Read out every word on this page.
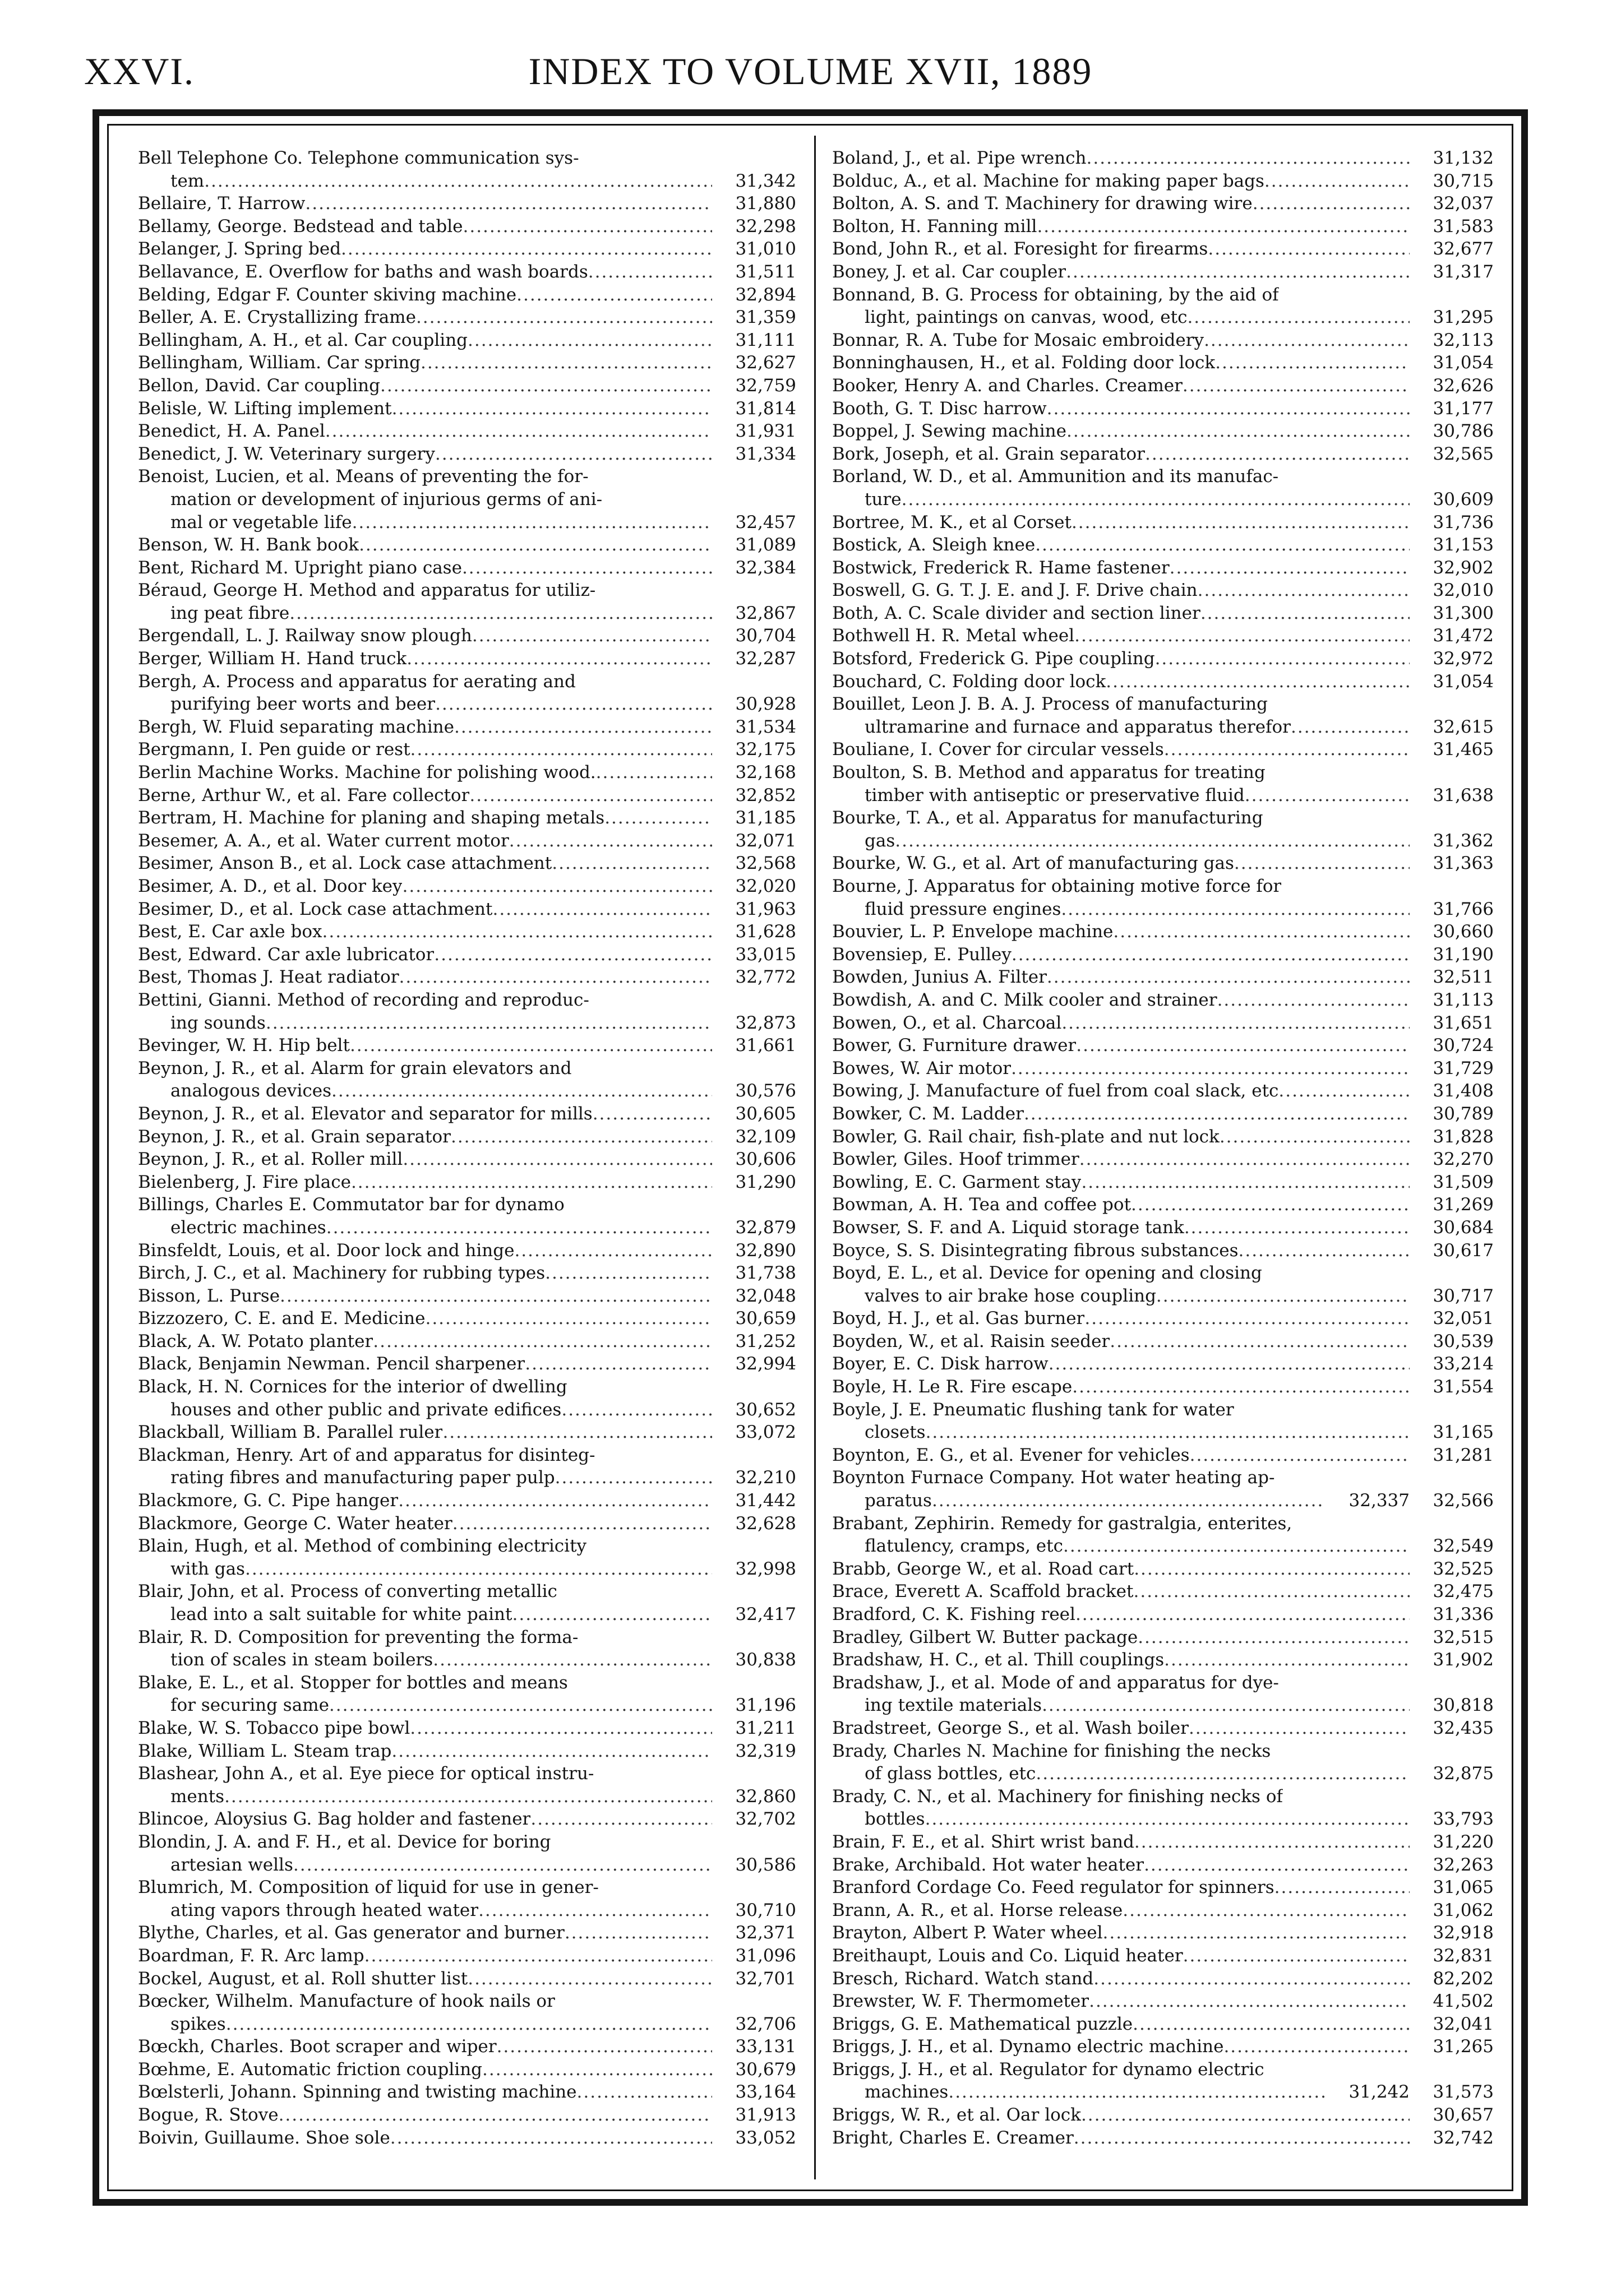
XXVI.	INDEX TO VOLUME XVII, 1889
Bell Telephone Co. Telephone communication sys-
tem .....	31,342
Bellaire, T. Harrow .....	31,880
Bellamy, George. Bedstead and table .....	32,298
Belanger, J. Spring bed .....	31,010
Bellavance, E. Overflow for baths and wash boards .....	31,511
Belding, Edgar F. Counter skiving machine .....	32,894
Beller, A. E. Crystallizing frame .....	31,359
Bellingham, A. H., et al. Car coupling .....	31,111
Bellingham, William. Car spring .....	32,627
Bellon, David. Car coupling .....	32,759
Belisle, W. Lifting implement .....	31,814
Benedict, H. A. Panel .....	31,931
Benedict, J. W. Veterinary surgery .....	31,334
Benoist, Lucien, et al. Means of preventing the for-
mation or development of injurious germs of ani-
mal or vegetable life .....	32,457
Benson, W. H. Bank book .....	31,089
Bent, Richard M. Upright piano case .....	32,384
Béraud, George H. Method and apparatus for utiliz-
ing peat fibre .....	32,867
Bergendall, L. J. Railway snow plough .....	30,704
Berger, William H. Hand truck .....	32,287
Bergh, A. Process and apparatus for aerating and
purifying beer worts and beer .....	30,928
Bergh, W. Fluid separating machine .....	31,534
Bergmann, I. Pen guide or rest .....	32,175
Berlin Machine Works. Machine for polishing wood. .....	32,168
Berne, Arthur W., et al. Fare collector .....	32,852
Bertram, H. Machine for planing and shaping metals .....	31,185
Besemer, A. A., et al. Water current motor .....	32,071
Besimer, Anson B., et al. Lock case attachment .....	32,568
Besimer, A. D., et al. Door key .....	32,020
Besimer, D., et al. Lock case attachment .....	31,963
Best, E. Car axle box .....	31,628
Best, Edward. Car axle lubricator .....	33,015
Best, Thomas J. Heat radiator .....	32,772
Bettini, Gianni. Method of recording and reproduc-
ing sounds .....	32,873
Bevinger, W. H. Hip belt .....	31,661
Beynon, J. R., et al. Alarm for grain elevators and
analogous devices .....	30,576
Beynon, J. R., et al. Elevator and separator for mills .....	30,605
Beynon, J. R., et al. Grain separator .....	32,109
Beynon, J. R., et al. Roller mill .....	30,606
Bielenberg, J. Fire place .....	31,290
Billings, Charles E. Commutator bar for dynamo
electric machines .....	32,879
Binsfeldt, Louis, et al. Door lock and hinge .....	32,890
Birch, J. C., et al. Machinery for rubbing types .....	31,738
Bisson, L. Purse .....	32,048
Bizzozero, C. E. and E. Medicine .....	30,659
Black, A. W. Potato planter .....	31,252
Black, Benjamin Newman. Pencil sharpener .....	32,994
Black, H. N. Cornices for the interior of dwelling
houses and other public and private edifices .....	30,652
Blackball, William B. Parallel ruler .....	33,072
Blackman, Henry. Art of and apparatus for disinteg-
rating fibres and manufacturing paper pulp .....	32,210
Blackmore, G. C. Pipe hanger .....	31,442
Blackmore, George C. Water heater .....	32,628
Blain, Hugh, et al. Method of combining electricity
with gas .....	32,998
Blair, John, et al. Process of converting metallic
lead into a salt suitable for white paint .....	32,417
Blair, R. D. Composition for preventing the forma-
tion of scales in steam boilers .....	30,838
Blake, E. L., et al. Stopper for bottles and means
for securing same .....	31,196
Blake, W. S. Tobacco pipe bowl .....	31,211
Blake, William L. Steam trap .....	32,319
Blashear, John A., et al. Eye piece for optical instru-
ments .....	32,860
Blincoe, Aloysius G. Bag holder and fastener .....	32,702
Blondin, J. A. and F. H., et al. Device for boring
artesian wells .....	30,586
Blumrich, M. Composition of liquid for use in gener-
ating vapors through heated water .....	30,710
Blythe, Charles, et al. Gas generator and burner .....	32,371
Boardman, F. R. Arc lamp .....	31,096
Bockel, August, et al. Roll shutter list .....	32,701
Bœcker, Wilhelm. Manufacture of hook nails or
spikes .....	32,706
Bœckh, Charles. Boot scraper and wiper .....	33,131
Bœhme, E. Automatic friction coupling .....	30,679
Bœlsterli, Johann. Spinning and twisting machine .....	33,164
Bogue, R. Stove .....	31,913
Boivin, Guillaume. Shoe sole .....	33,052
Boland, J., et al. Pipe wrench .....	31,132
Bolduc, A., et al. Machine for making paper bags .....	30,715
Bolton, A. S. and T. Machinery for drawing wire .....	32,037
Bolton, H. Fanning mill .....	31,583
Bond, John R., et al. Foresight for firearms .....	32,677
Boney, J. et al. Car coupler .....	31,317
Bonnand, B. G. Process for obtaining, by the aid of
light, paintings on canvas, wood, etc .....	31,295
Bonnar, R. A. Tube for Mosaic embroidery .....	32,113
Bonninghausen, H., et al. Folding door lock .....	31,054
Booker, Henry A. and Charles. Creamer .....	32,626
Booth, G. T. Disc harrow .....	31,177
Boppel, J. Sewing machine .....	30,786
Bork, Joseph, et al. Grain separator .....	32,565
Borland, W. D., et al. Ammunition and its manufac-
ture .....	30,609
Bortree, M. K., et al Corset .....	31,736
Bostick, A. Sleigh knee .....	31,153
Bostwick, Frederick R. Hame fastener .....	32,902
Boswell, G. G. T. J. E. and J. F. Drive chain .....	32,010
Both, A. C. Scale divider and section liner .....	31,300
Bothwell H. R. Metal wheel .....	31,472
Botsford, Frederick G. Pipe coupling .....	32,972
Bouchard, C. Folding door lock .....	31,054
Bouillet, Leon J. B. A. J. Process of manufacturing
ultramarine and furnace and apparatus therefor .....	32,615
Bouliane, I. Cover for circular vessels .....	31,465
Boulton, S. B. Method and apparatus for treating
timber with antiseptic or preservative fluid .....	31,638
Bourke, T. A., et al. Apparatus for manufacturing
gas .....	31,362
Bourke, W. G., et al. Art of manufacturing gas .....	31,363
Bourne, J. Apparatus for obtaining motive force for
fluid pressure engines .....	31,766
Bouvier, L. P. Envelope machine .....	30,660
Bovensiep, E. Pulley .....	31,190
Bowden, Junius A. Filter .....	32,511
Bowdish, A. and C. Milk cooler and strainer .....	31,113
Bowen, O., et al. Charcoal .....	31,651
Bower, G. Furniture drawer .....	30,724
Bowes, W. Air motor .....	31,729
Bowing, J. Manufacture of fuel from coal slack, etc .....	31,408
Bowker, C. M. Ladder .....	30,789
Bowler, G. Rail chair, fish-plate and nut lock .....	31,828
Bowler, Giles. Hoof trimmer .....	32,270
Bowling, E. C. Garment stay .....	31,509
Bowman, A. H. Tea and coffee pot .....	31,269
Bowser, S. F. and A. Liquid storage tank .....	30,684
Boyce, S. S. Disintegrating fibrous substances .....	30,617
Boyd, E. L., et al. Device for opening and closing
valves to air brake hose coupling .....	30,717
Boyd, H. J., et al. Gas burner .....	32,051
Boyden, W., et al. Raisin seeder .....	30,539
Boyer, E. C. Disk harrow .....	33,214
Boyle, H. Le R. Fire escape .....	31,554
Boyle, J. E. Pneumatic flushing tank for water
closets .....	31,165
Boynton, E. G., et al. Evener for vehicles .....	31,281
Boynton Furnace Company. Hot water heating ap-
paratus .....	32,337	32,566
Brabant, Zephirin. Remedy for gastralgia, enterites,
flatulency, cramps, etc .....	32,549
Brabb, George W., et al. Road cart .....	32,525
Brace, Everett A. Scaffold bracket .....	32,475
Bradford, C. K. Fishing reel .....	31,336
Bradley, Gilbert W. Butter package .....	32,515
Bradshaw, H. C., et al. Thill couplings .....	31,902
Bradshaw, J., et al. Mode of and apparatus for dye-
ing textile materials .....	30,818
Bradstreet, George S., et al. Wash boiler .....	32,435
Brady, Charles N. Machine for finishing the necks
of glass bottles, etc .....	32,875
Brady, C. N., et al. Machinery for finishing necks of
bottles .....	33,793
Brain, F. E., et al. Shirt wrist band .....	31,220
Brake, Archibald. Hot water heater .....	32,263
Branford Cordage Co. Feed regulator for spinners .....	31,065
Brann, A. R., et al. Horse release .....	31,062
Brayton, Albert P. Water wheel .....	32,918
Breithaupt, Louis and Co. Liquid heater .....	32,831
Bresch, Richard. Watch stand .....	82,202
Brewster, W. F. Thermometer .....	41,502
Briggs, G. E. Mathematical puzzle .....	32,041
Briggs, J. H., et al. Dynamo electric machine .....	31,265
Briggs, J. H., et al. Regulator for dynamo electric
machines .....	31,242	31,573
Briggs, W. R., et al. Oar lock .....	30,657
Bright, Charles E. Creamer .....	32,742
